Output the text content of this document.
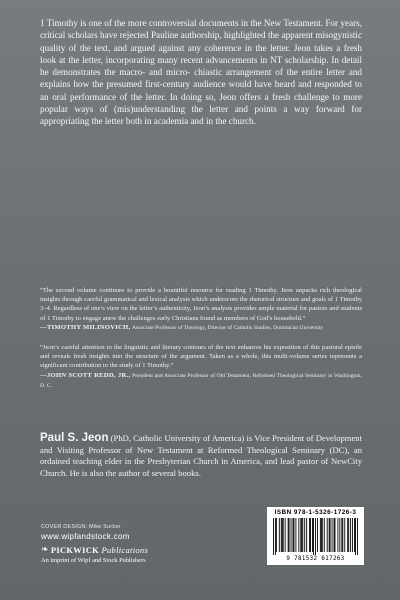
1 Timothy is one of the more controversial documents in the New Testament. For years, critical scholars have rejected Pauline authorship, highlighted the apparent misogynistic quality of the text, and argued against any coherence in the letter. Jeon takes a fresh look at the letter, incorporating many recent advancements in NT scholarship. In detail he demonstrates the macro- and micro- chiastic arrangement of the entire letter and explains how the presumed first-century audience would have heard and responded to an oral performance of the letter. In doing so, Jeon offers a fresh challenge to more popular ways of (mis)understanding the letter and points a way forward for appropriating the letter both in academia and in the church.

“The second volume continues to provide a bountiful resource for reading 1 Timothy. Jeon unpacks rich theological insights through careful grammatical and lexical analysis which underscore the rhetorical structure and goals of 1 Timothy 3–4. Regardless of one’s view on the letter’s authenticity, Jeon’s analysis provides ample material for pastors and students of 1 Timothy to engage anew the challenges early Christians found as members of God’s household.”
—TIMOTHY MILINOVICH, Associate Professor of Theology, Director of Catholic Studies, Dominican University
“Jeon’s careful attention to the linguistic and literary contours of the text enhances his exposition of this pastoral epistle and reveals fresh insights into the structure of the argument. Taken as a whole, this multi-volume series represents a significant contribution to the study of 1 Timothy.”
—JOHN SCOTT REDD, JR., President and Associate Professor of Old Testament, Reformed Theological Seminary in Washington, D. C.
Paul S. Jeon (PhD, Catholic University of America) is Vice President of Development and Visiting Professor of New Testament at Reformed Theological Seminary (DC), an ordained teaching elder in the Presbyterian Church in America, and lead pastor of NewCity Church. He is also the author of several books.
COVER DESIGN: Mike Surber
www.wipfandstock.com
❧ PICKWICK Publications
An imprint of Wipf and Stock Publishers
ISBN 978-1-5326-1726-3
9 781532 617263
